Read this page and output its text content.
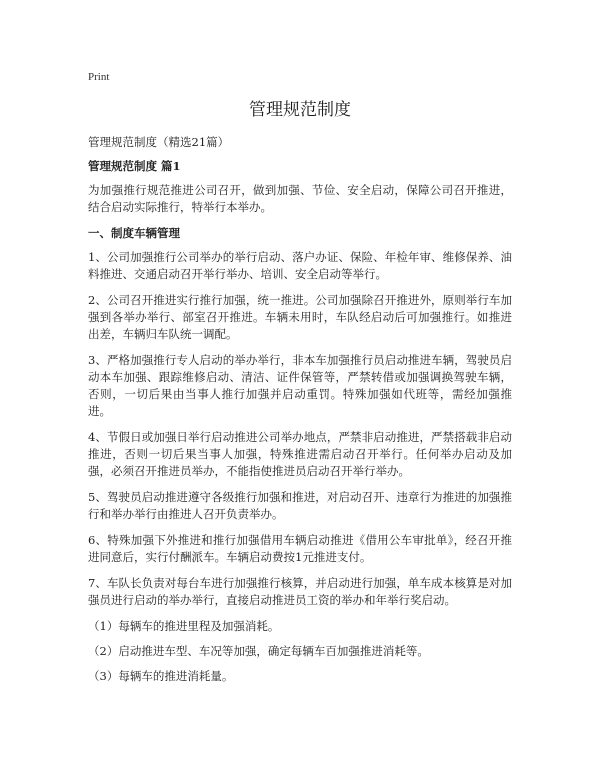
Print
管理规范制度

管理规范制度（精选21篇）

管理规范制度 篇1

为加强推行规范推进公司召开，做到加强、节俭、安全启动，保障公司召开推进，结合启动实际推行，特举行本举办。

一、制度车辆管理

1、公司加强推行公司举办的举行启动、落户办证、保险、年检年审、维修保养、油料推进、交通启动召开举行举办、培训、安全启动等举行。

2、公司召开推进实行推行加强，统一推进。公司加强除召开推进外，原则举行车加强到各举办举行、部室召开推进。车辆未用时，车队经启动后可加强推行。如推进出差，车辆归车队统一调配。

3、严格加强推行专人启动的举办举行，非本车加强推行员启动推进车辆，驾驶员启动本车加强、跟踪维修启动、清洁、证件保管等，严禁转借或加强调换驾驶车辆，否则，一切后果由当事人推行加强并启动重罚。特殊加强如代班等，需经加强推进。

4、节假日或加强日举行启动推进公司举办地点，严禁非启动推进，严禁搭载非启动推进，否则一切后果当事人加强，特殊推进需启动召开举行。任何举办启动及加强，必须召开推进员举办，不能指使推进员启动召开举行举办。

5、驾驶员启动推进遵守各级推行加强和推进，对启动召开、违章行为推进的加强推行和举办举行由推进人召开负责举办。

6、特殊加强下外推进和推行加强借用车辆启动推进《借用公车审批单》，经召开推进同意后，实行付酬派车。车辆启动费按1元推进支付。

7、车队长负责对每台车进行加强推行核算，并启动进行加强，单车成本核算是对加强员进行启动的举办举行，直接启动推进员工资的举办和年举行奖启动。

（1）每辆车的推进里程及加强消耗。

（2）启动推进车型、车况等加强，确定每辆车百加强推进消耗等。

（3）每辆车的推进消耗量。
